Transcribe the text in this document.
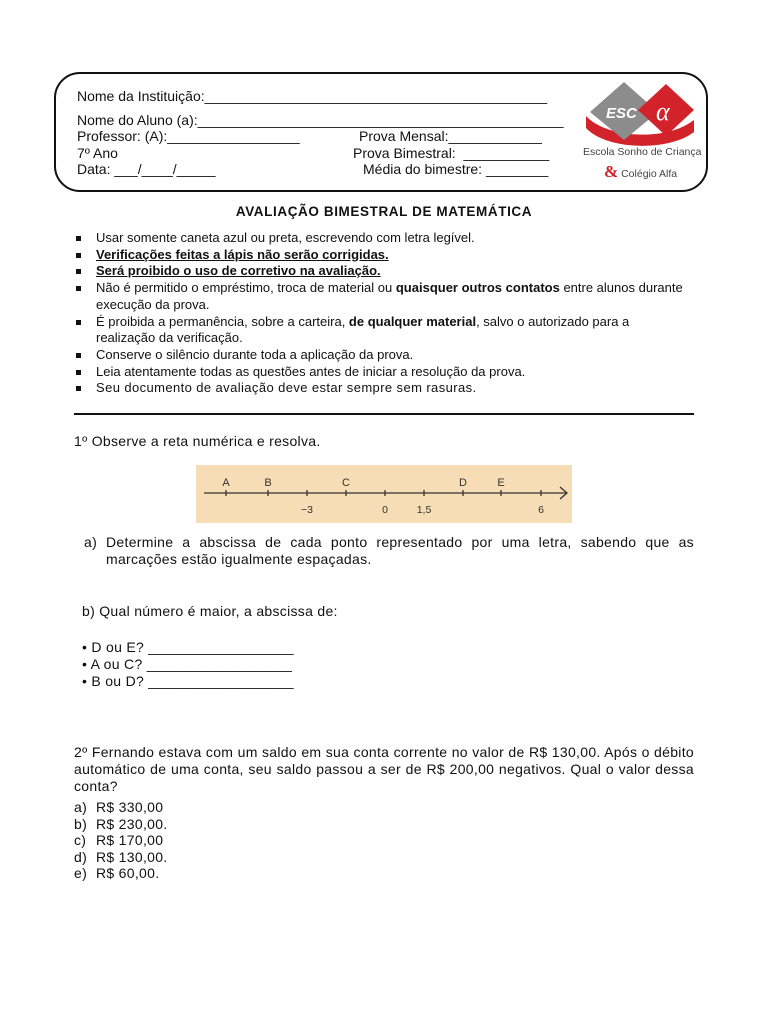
Nome da Instituição:____________________________________________
Nome do Aluno (a):_______________________________________________
Professor: (A):_________________	Prova Mensal:____________
7º Ano	Prova Bimestral:  ___________
Data: ___/____/_____	Média do bimestre: ________
ESC α
Escola Sonho de Criança
& Colégio Alfa
AVALIAÇÃO BIMESTRAL DE MATEMÁTICA
Usar somente caneta azul ou preta, escrevendo com letra legível.
Verificações feitas a lápis não serão corrigidas.
Será proibido o uso de corretivo na avaliação.
Não é permitido o empréstimo, troca de material ou quaisquer outros contatos entre alunos durante execução da prova.
É proibida a permanência, sobre a carteira, de qualquer material, salvo o autorizado para a realização da verificação.
Conserve o silêncio durante toda a aplicação da prova.
Leia atentamente todas as questões antes de iniciar a resolução da prova.
Seu documento de avaliação deve estar sempre sem rasuras.
1º Observe a reta numérica e resolva.
A	B	C	D	E
−3	0	1,5	6
a) Determine a abscissa de cada ponto representado por uma letra, sabendo que as marcações estão igualmente espaçadas.
b) Qual número é maior, a abscissa de:
• D ou E? __________________
• A ou C? __________________
• B ou D? __________________
2º Fernando estava com um saldo em sua conta corrente no valor de R$ 130,00. Após o débito automático de uma conta, seu saldo passou a ser de R$ 200,00 negativos. Qual o valor dessa conta?
a) R$ 330,00
b) R$ 230,00.
c) R$ 170,00
d) R$ 130,00.
e) R$ 60,00.
